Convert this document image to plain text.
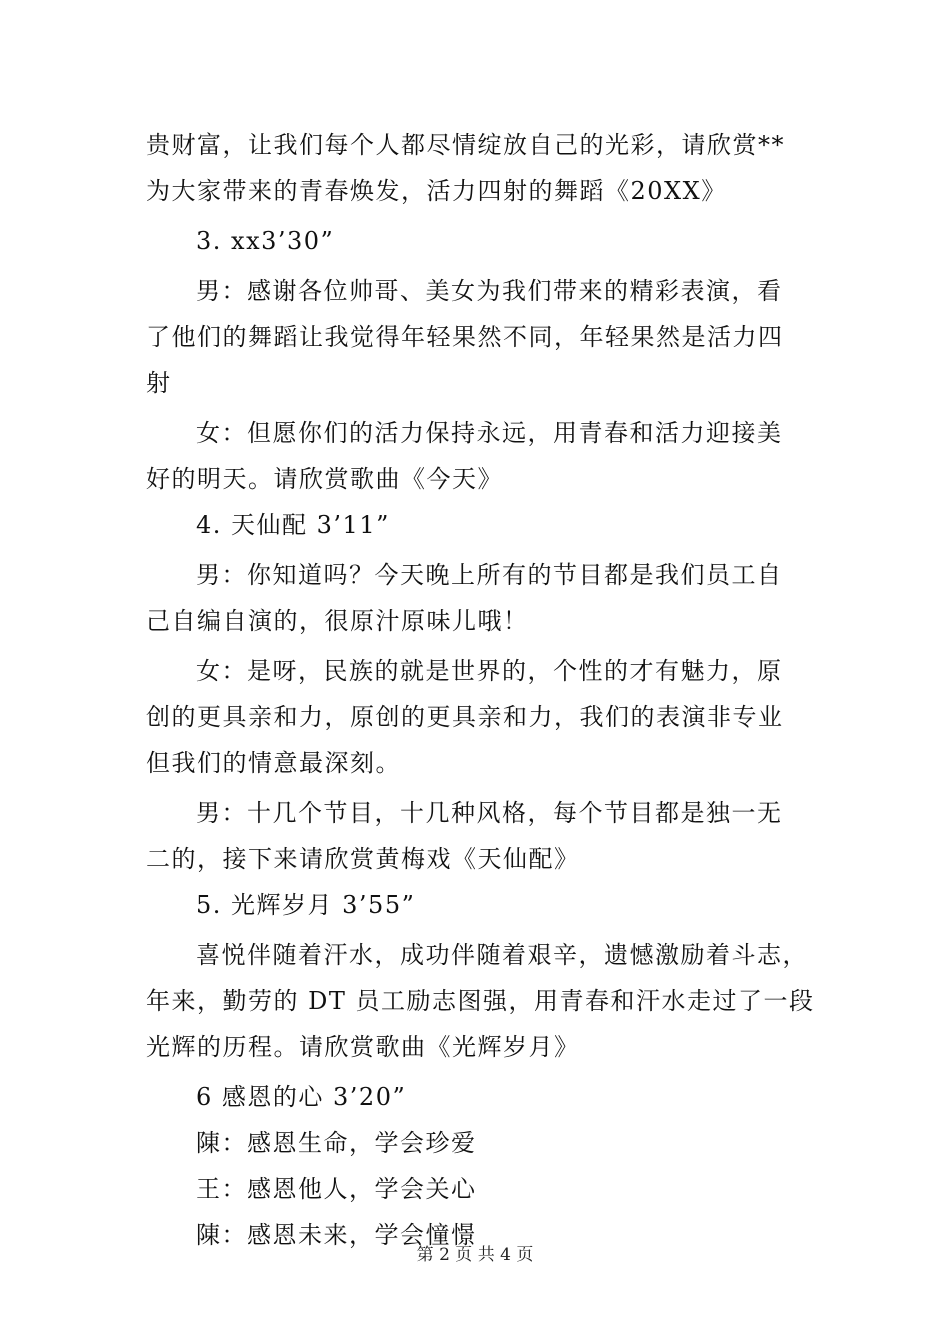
贵财富，让我们每个人都尽情绽放自己的光彩，请欣赏**
为大家带来的青春焕发，活力四射的舞蹈《20XX》
3. xx3’30”
男：感谢各位帅哥、美女为我们带来的精彩表演，看
了他们的舞蹈让我觉得年轻果然不同，年轻果然是活力四
射
女：但愿你们的活力保持永远，用青春和活力迎接美
好的明天。请欣赏歌曲《今天》
4. 天仙配 3’11”
男：你知道吗？今天晚上所有的节目都是我们员工自
己自编自演的，很原汁原味儿哦！
女：是呀，民族的就是世界的，个性的才有魅力，原
创的更具亲和力，原创的更具亲和力，我们的表演非专业
但我们的情意最深刻。
男：十几个节目，十几种风格，每个节目都是独一无
二的，接下来请欣赏黄梅戏《天仙配》
5. 光辉岁月 3’55”
喜悦伴随着汗水，成功伴随着艰辛，遗憾激励着斗志，
年来，勤劳的 DT 员工励志图强，用青春和汗水走过了一段
光辉的历程。请欣赏歌曲《光辉岁月》
6 感恩的心 3’20”
陳：感恩生命，学会珍爱
王：感恩他人，学会关心
陳：感恩未来，学会憧憬
第 2 页 共 4 页
